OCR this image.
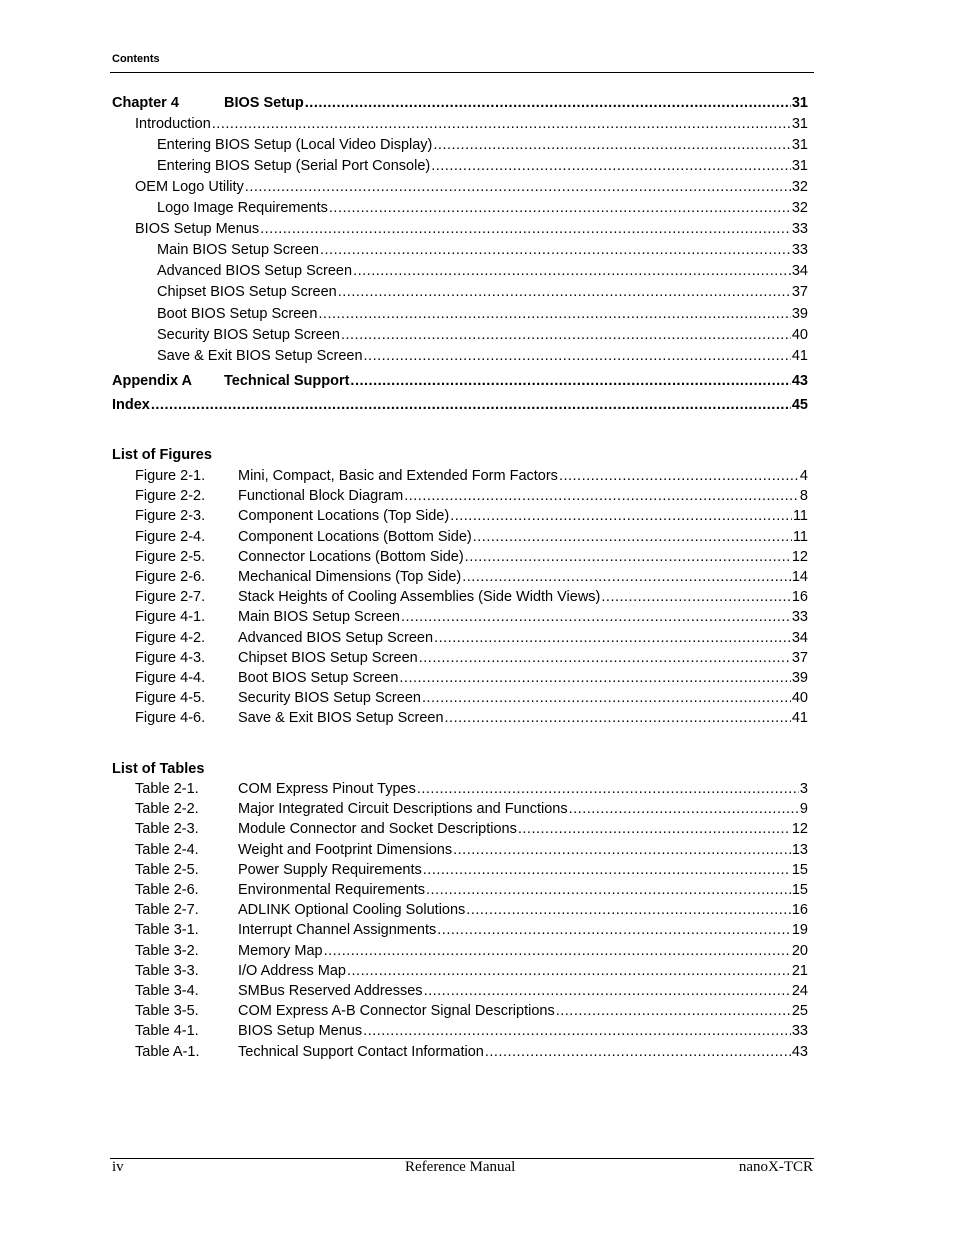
Contents
Chapter 4	BIOS Setup .....	31
Introduction .....	31
Entering BIOS Setup (Local Video Display) .....	31
Entering BIOS Setup (Serial Port Console) .....	31
OEM Logo Utility .....	32
Logo Image Requirements .....	32
BIOS Setup Menus .....	33
Main BIOS Setup Screen .....	33
Advanced BIOS Setup Screen .....	34
Chipset BIOS Setup Screen .....	37
Boot BIOS Setup Screen .....	39
Security BIOS Setup Screen .....	40
Save & Exit BIOS Setup Screen .....	41
Appendix A	Technical Support .....	43
Index .....	45
Figure 2-1.	Mini, Compact, Basic and Extended Form Factors .....	4
Figure 2-2.	Functional Block Diagram .....	8
Figure 2-3.	Component Locations (Top Side) .....	11
Figure 2-4.	Component Locations (Bottom Side) .....	11
Figure 2-5.	Connector Locations (Bottom Side) .....	12
Figure 2-6.	Mechanical Dimensions (Top Side) .....	14
Figure 2-7.	Stack Heights of Cooling Assemblies (Side Width Views) .....	16
Figure 4-1.	Main BIOS Setup Screen .....	33
Figure 4-2.	Advanced BIOS Setup Screen .....	34
Figure 4-3.	Chipset BIOS Setup Screen .....	37
Figure 4-4.	Boot BIOS Setup Screen .....	39
Figure 4-5.	Security BIOS Setup Screen .....	40
Figure 4-6.	Save & Exit BIOS Setup Screen .....	41
Table 2-1.	COM Express Pinout Types .....	3
Table 2-2.	Major Integrated Circuit Descriptions and Functions .....	9
Table 2-3.	Module Connector and Socket Descriptions .....	12
Table 2-4.	Weight and Footprint Dimensions .....	13
Table 2-5.	Power Supply Requirements .....	15
Table 2-6.	Environmental Requirements .....	15
Table 2-7.	ADLINK Optional Cooling Solutions .....	16
Table 3-1.	Interrupt Channel Assignments .....	19
Table 3-2.	Memory Map .....	20
Table 3-3.	I/O Address Map .....	21
Table 3-4.	SMBus Reserved Addresses .....	24
Table 3-5.	COM Express A-B Connector Signal Descriptions .....	25
Table 4-1.	BIOS Setup Menus .....	33
Table A-1.	Technical Support Contact Information .....	43
List of Figures
List of Tables
iv	Reference Manual	nanoX-TCR
